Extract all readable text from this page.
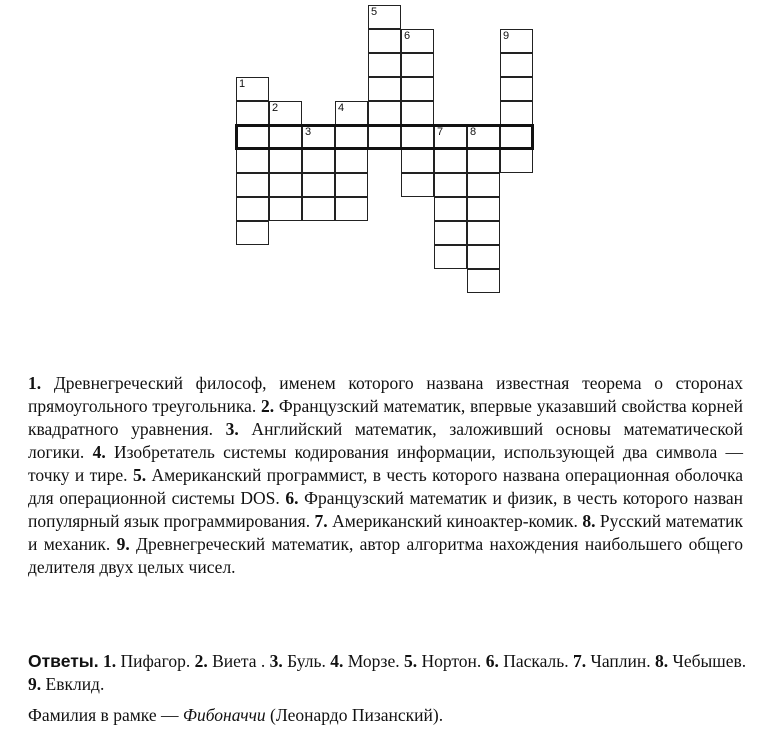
1
2
3
4
5
6
7 8
9
1. Древнегреческий философ, именем которого названа известная теорема о сторонах прямоугольного треугольника. 2. Французский математик, впервые указавший свойства корней квадратного уравнения. 3. Английский математик, заложивший основы математической логики. 4. Изобретатель системы кодирования информации, использующей два символа — точку и тире. 5. Американский программист, в честь которого названа операционная оболочка для операционной системы DOS. 6. Французский математик и физик, в честь которого назван популярный язык программирования. 7. Американский киноактер-комик. 8. Русский математик и механик. 9. Древнегреческий математик, автор алгоритма нахождения наибольшего общего делителя двух целых чисел.
Ответы. 1. Пифагор. 2. Виета . 3. Буль. 4. Морзе. 5. Нортон. 6. Паскаль. 7. Чаплин. 8. Чебышев. 9. Евклид.
Фамилия в рамке — Фибоначчи (Леонардо Пизанский).
